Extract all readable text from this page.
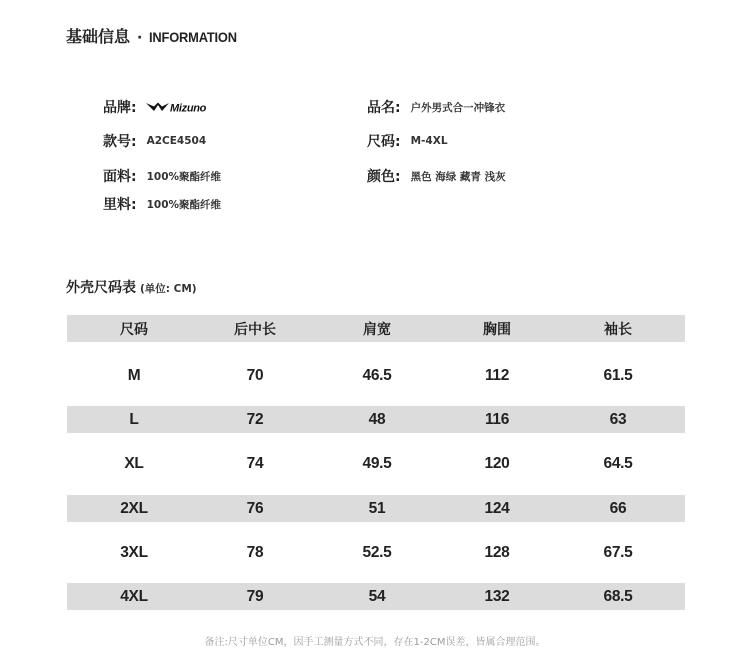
基础信息 · INFORMATION
品牌:	Mizuno
款号: A2CE4504
面料: 100%聚酯纤维
里料: 100%聚酯纤维
品名: 户外男式合一冲锋衣
尺码: M-4XL
颜色: 黑色 海绿 藏青 浅灰
外壳尺码表 (单位: CM)
尺码	后中长	肩宽	胸围	袖长
M	70	46.5	112	61.5
L	72	48	116	63
XL	74	49.5	120	64.5
2XL	76	51	124	66
3XL	78	52.5	128	67.5
4XL	79	54	132	68.5
备注:尺寸单位CM，因手工测量方式不同，存在1-2CM误差，皆属合理范围。
